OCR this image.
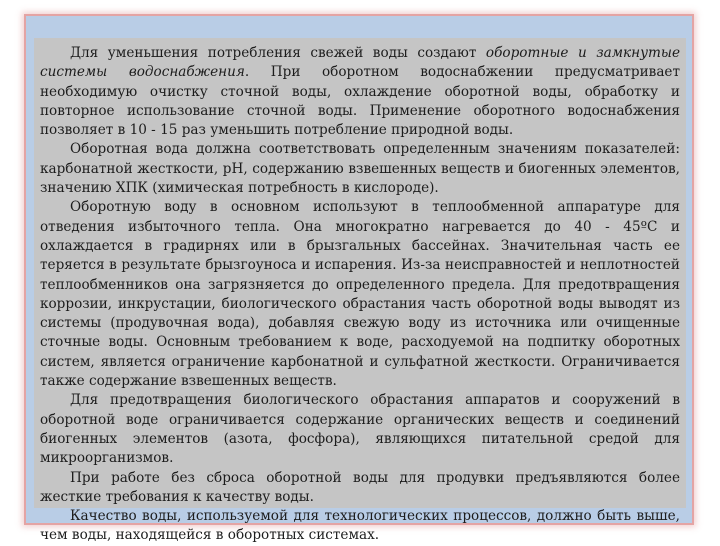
Для уменьшения потребления свежей воды создают оборотные и замкнутые системы водоснабжения. При оборотном водоснабжении предусматривает необходимую очистку сточной воды, охлаждение оборотной воды, обработку и повторное использование сточной воды. Применение оборотного водоснабжения позволяет в 10 - 15 раз уменьшить потребление природной воды.

Оборотная вода должна соответствовать определенным значениям показателей: карбонатной жесткости, рН, содержанию взвешенных веществ и биогенных элементов, значению ХПК (химическая потребность в кислороде).

Оборотную воду в основном используют в теплообменной аппаратуре для отведения избыточного тепла. Она многократно нагревается до 40 - 45ºС и охлаждается в градирнях или в брызгальных бассейнах. Значительная часть ее теряется в результате брызгоуноса и испарения. Из-за неисправностей и неплотностей теплообменников она загрязняется до определенного предела. Для предотвращения коррозии, инкрустации, биологического обрастания часть оборотной воды выводят из системы (продувочная вода), добавляя свежую воду из источника или очищенные сточные воды. Основным требованием к воде, расходуемой на подпитку оборотных систем, является ограничение карбонатной и сульфатной жесткости. Ограничивается также содержание взвешенных веществ.

Для предотвращения биологического обрастания аппаратов и сооружений в оборотной воде ограничивается содержание органических веществ и соединений биогенных элементов (азота, фосфора), являющихся питательной средой для микроорганизмов.

При работе без сброса оборотной воды для продувки предъявляются более жесткие требования к качеству воды.

Качество воды, используемой для технологических процессов, должно быть выше, чем воды, находящейся в оборотных системах.
